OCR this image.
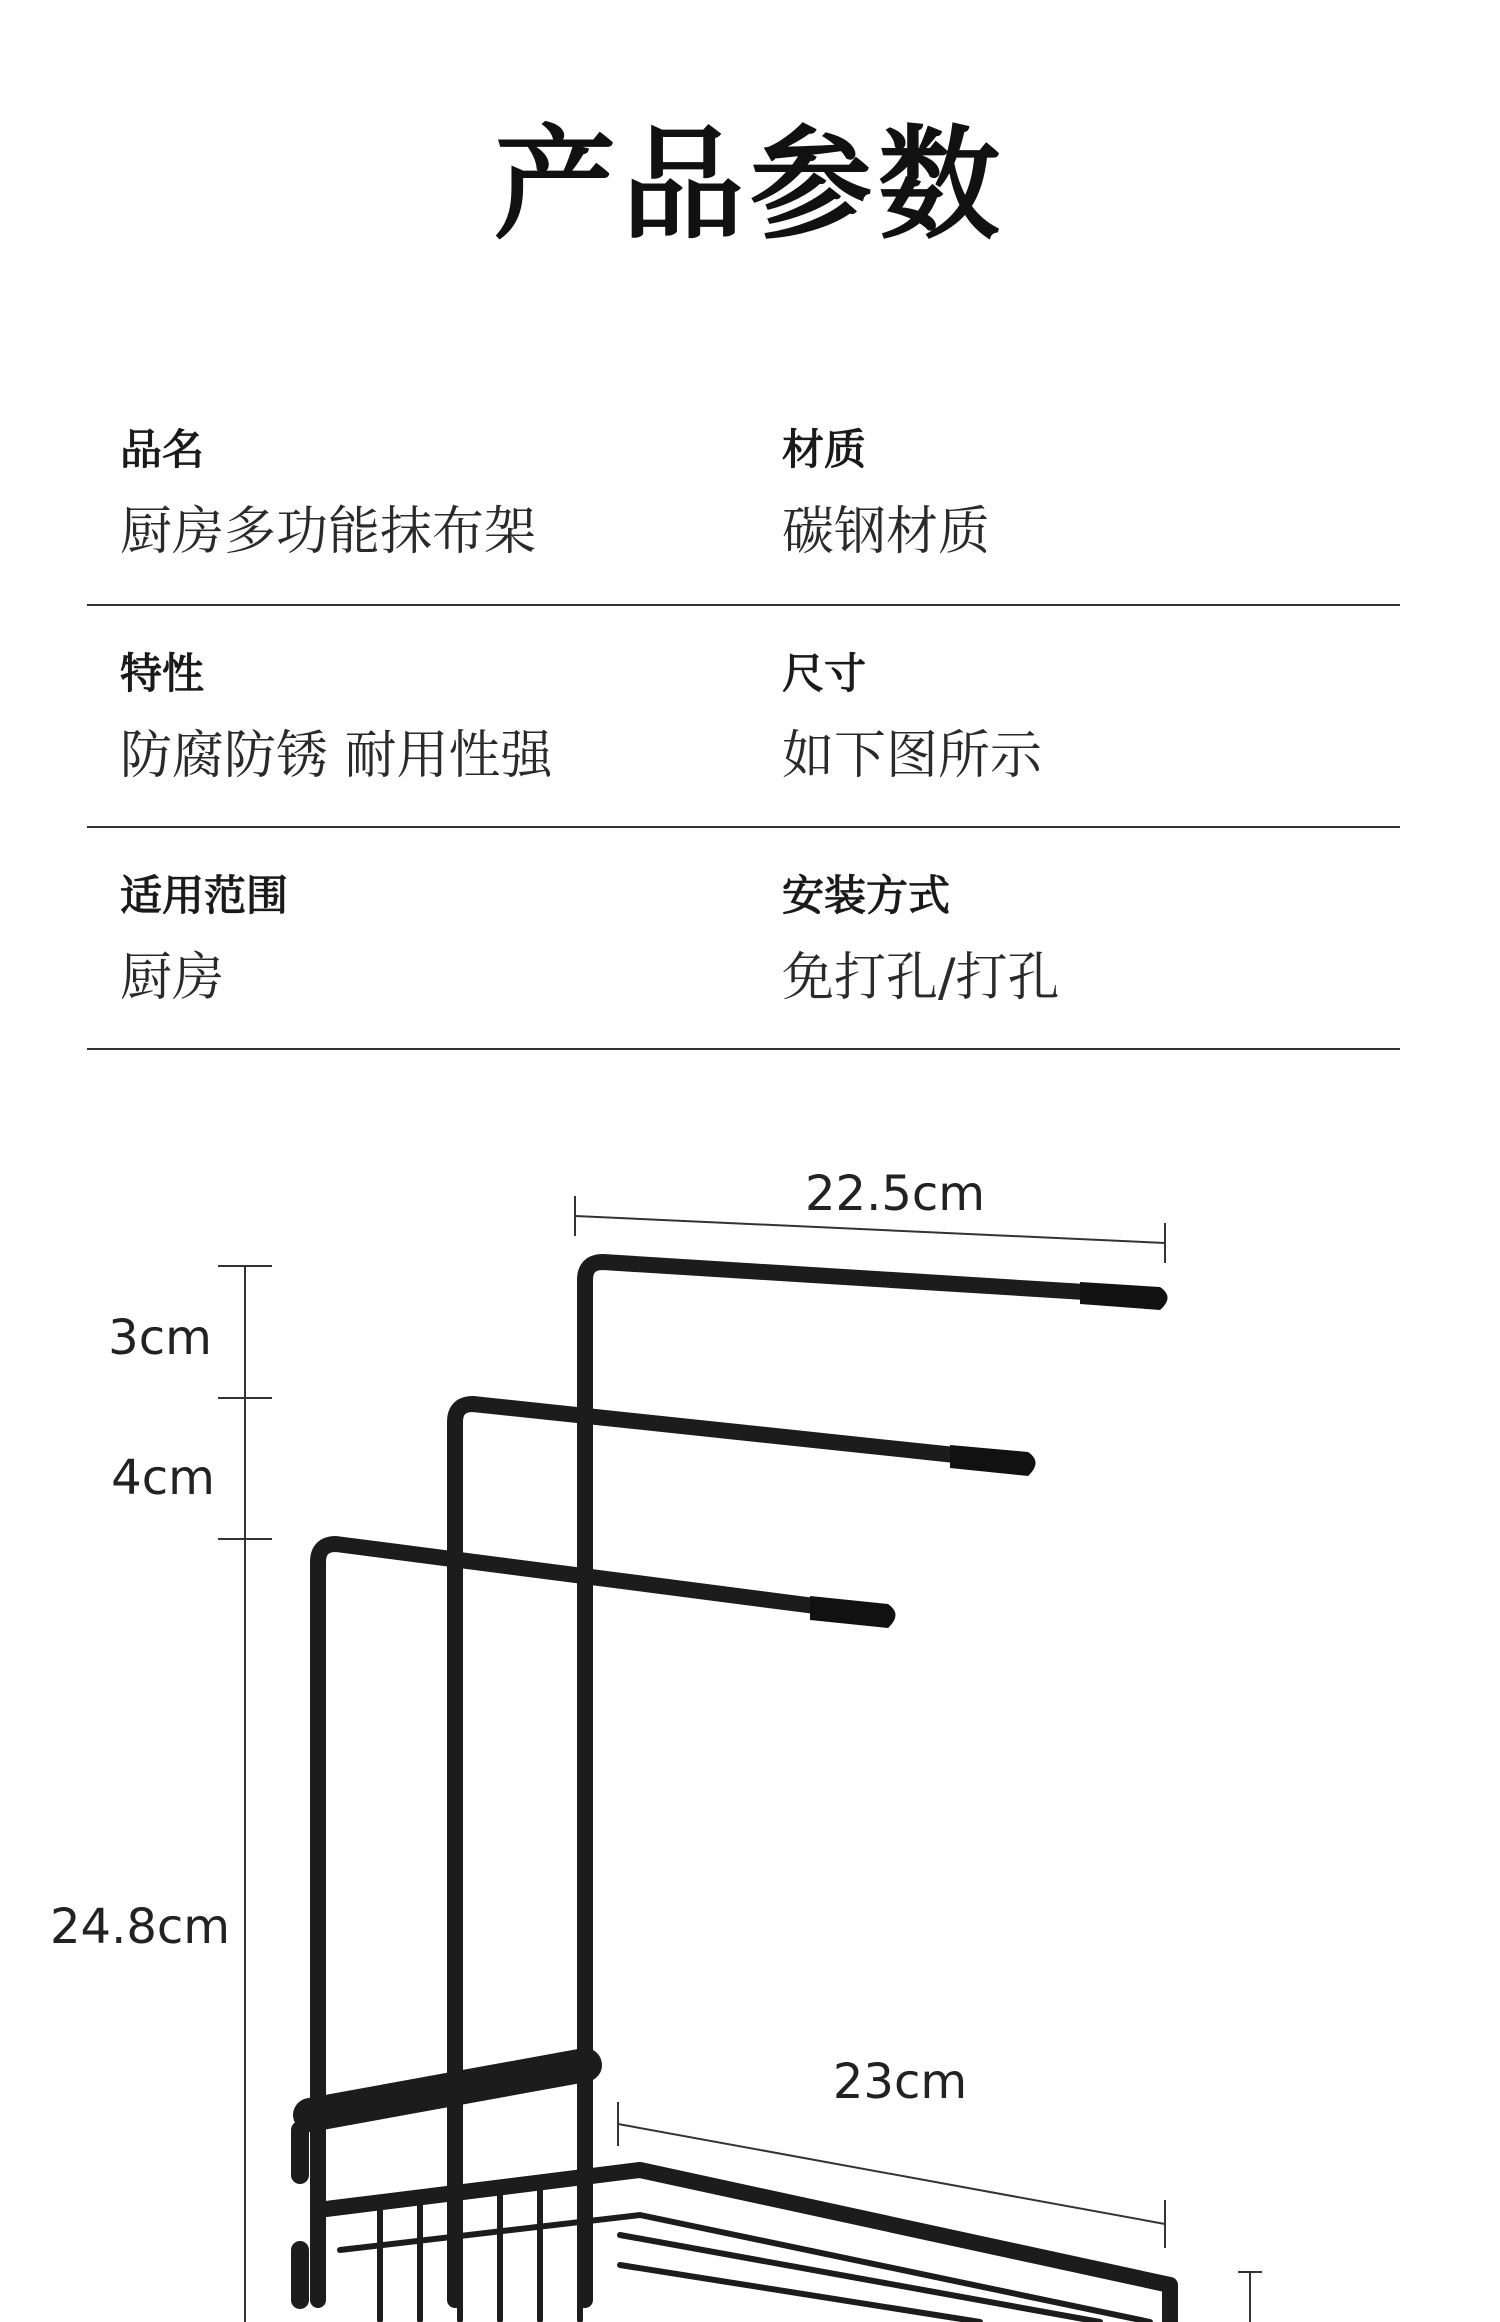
产品参数
品名
厨房多功能抹布架
材质
碳钢材质
特性
防腐防锈 耐用性强
尺寸
如下图所示
适用范围
厨房
安装方式
免打孔/打孔
22.5cm
3cm
4cm
24.8cm
23cm
